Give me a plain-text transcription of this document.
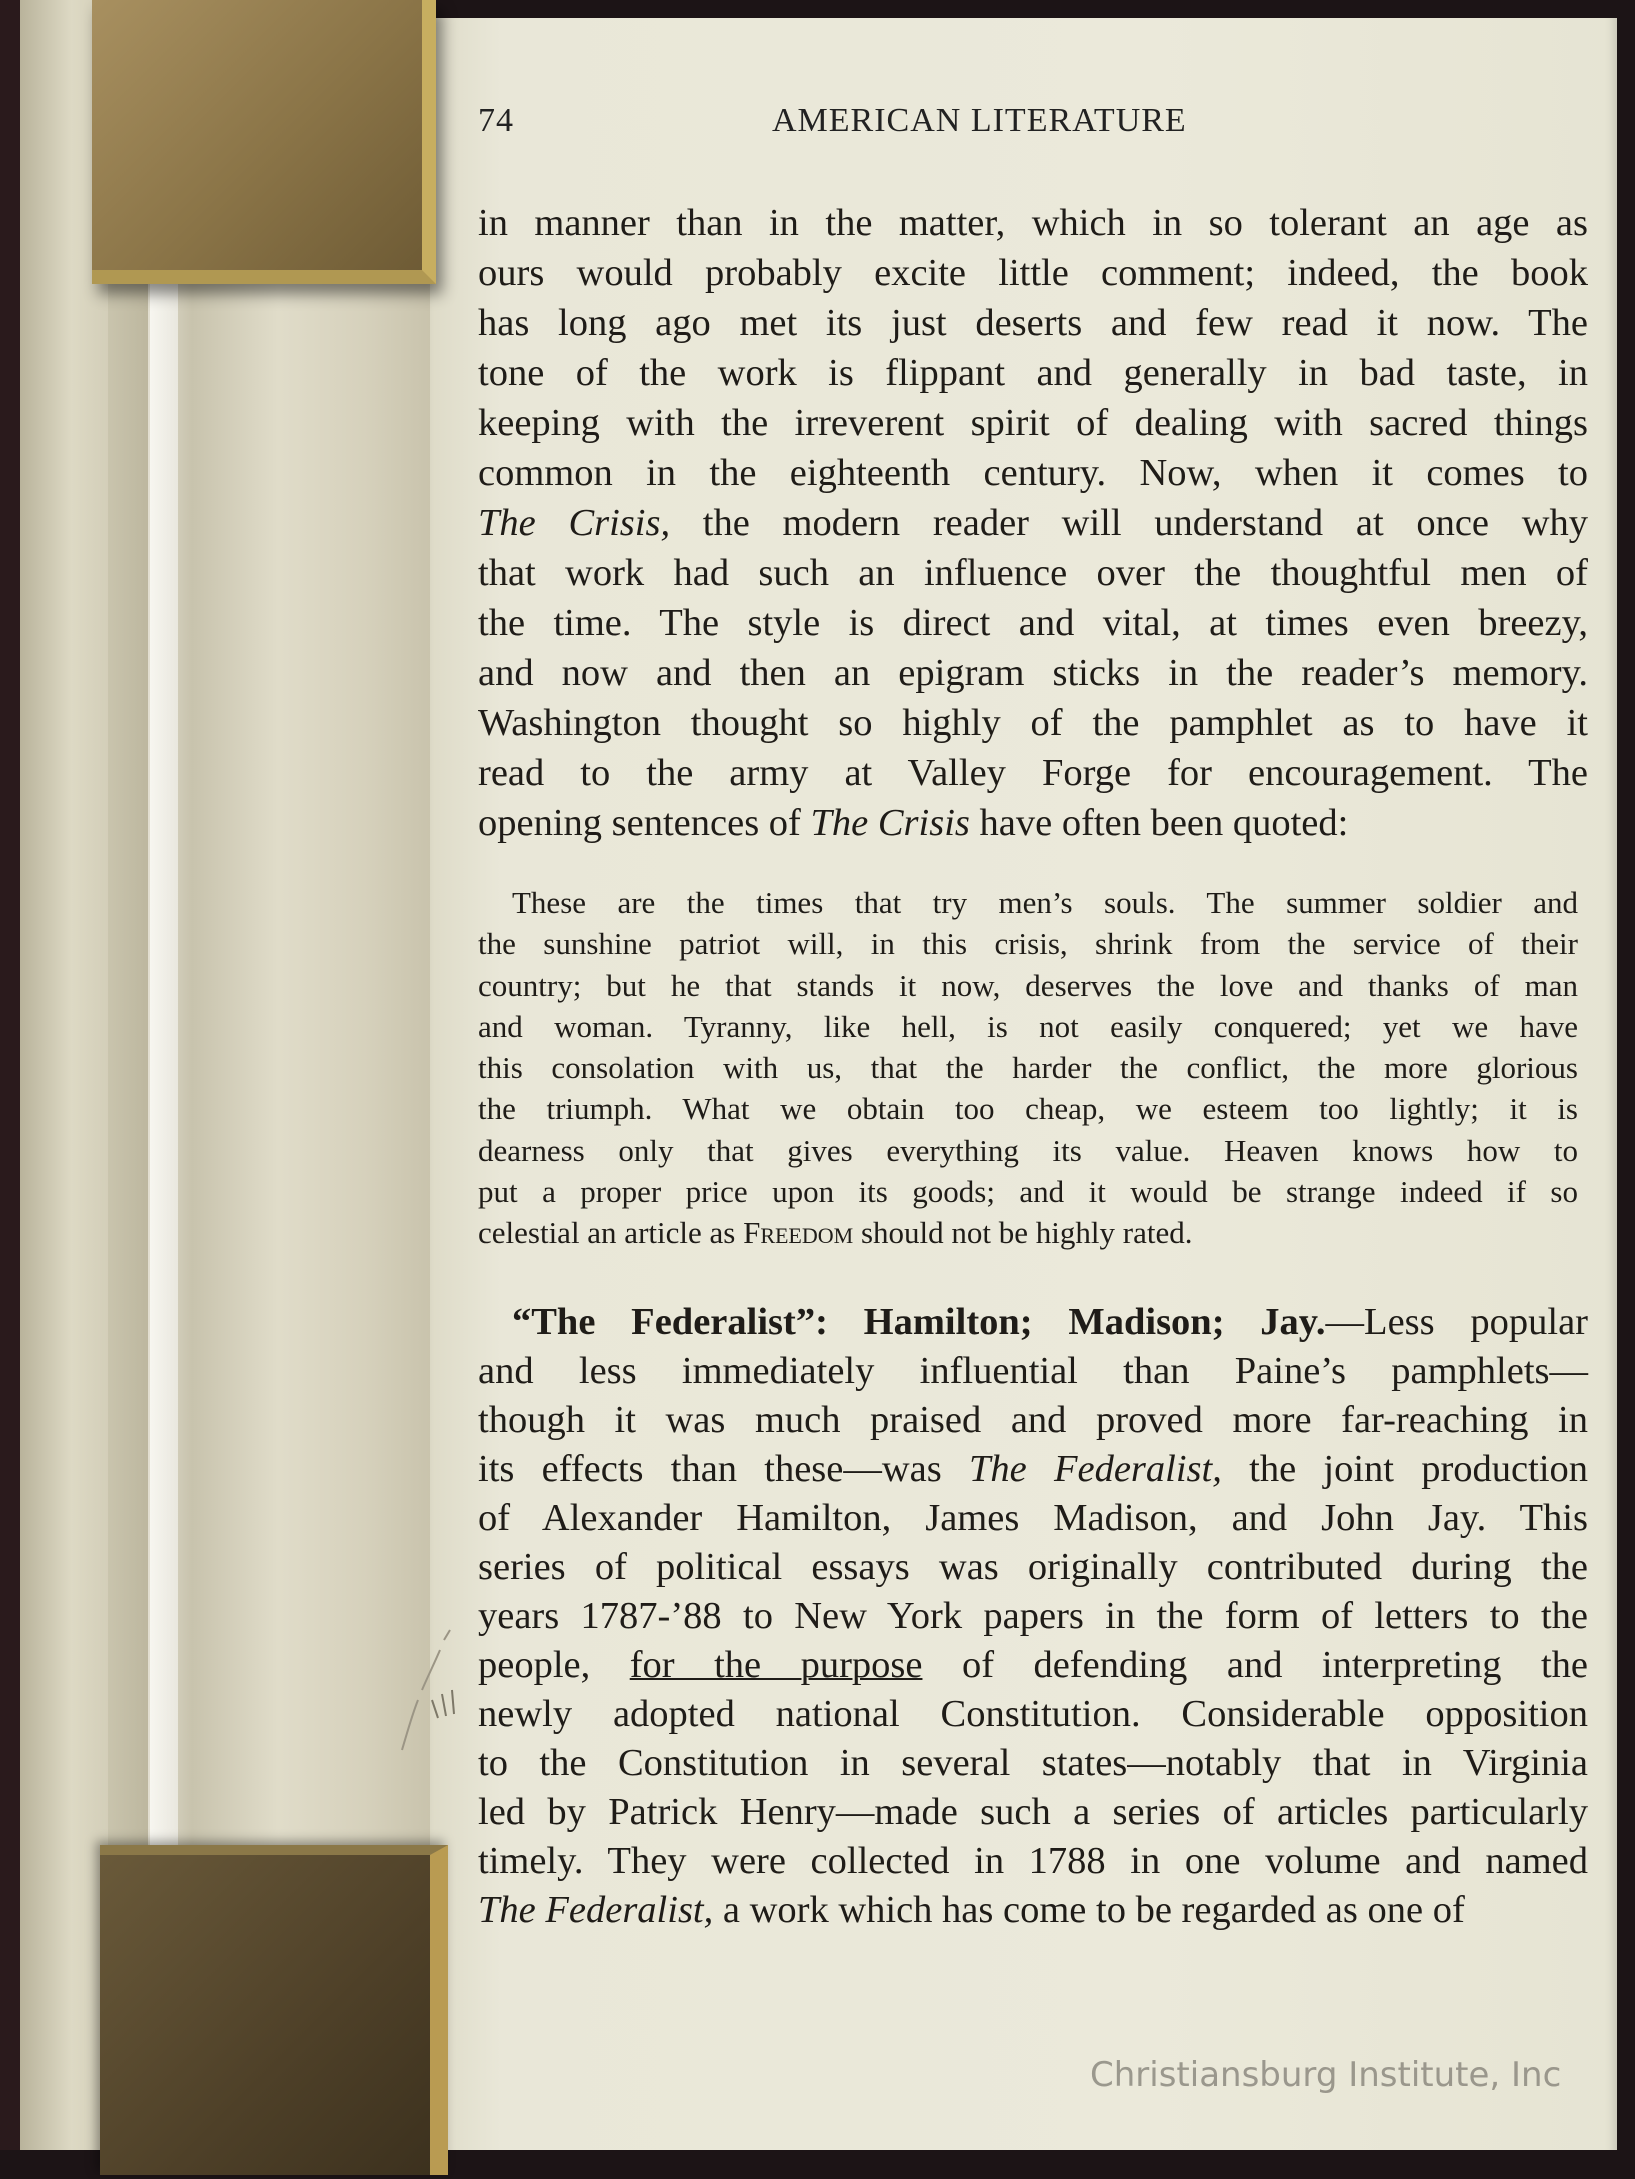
74	AMERICAN LITERATURE
in manner than in the matter, which in so tolerant an age as
ours would probably excite little comment; indeed, the book
has long ago met its just deserts and few read it now. The
tone of the work is flippant and generally in bad taste, in
keeping with the irreverent spirit of dealing with sacred things
common in the eighteenth century. Now, when it comes to
The Crisis, the modern reader will understand at once why
that work had such an influence over the thoughtful men of
the time. The style is direct and vital, at times even breezy,
and now and then an epigram sticks in the reader’s memory.
Washington thought so highly of the pamphlet as to have it
read to the army at Valley Forge for encouragement. The
opening sentences of The Crisis have often been quoted:
These are the times that try men’s souls. The summer soldier and
the sunshine patriot will, in this crisis, shrink from the service of their
country; but he that stands it now, deserves the love and thanks of man
and woman. Tyranny, like hell, is not easily conquered; yet we have
this consolation with us, that the harder the conflict, the more glorious
the triumph. What we obtain too cheap, we esteem too lightly; it is
dearness only that gives everything its value. Heaven knows how to
put a proper price upon its goods; and it would be strange indeed if so
celestial an article as Freedom should not be highly rated.
“The Federalist”: Hamilton; Madison; Jay.—Less popular
and less immediately influential than Paine’s pamphlets—
though it was much praised and proved more far-reaching in
its effects than these—was The Federalist, the joint production
of Alexander Hamilton, James Madison, and John Jay. This
series of political essays was originally contributed during the
years 1787-’88 to New York papers in the form of letters to the
people, for the purpose of defending and interpreting the
newly adopted national Constitution. Considerable opposition
to the Constitution in several states—notably that in Virginia
led by Patrick Henry—made such a series of articles particularly
timely. They were collected in 1788 in one volume and named
The Federalist, a work which has come to be regarded as one of
Christiansburg Institute, Inc
